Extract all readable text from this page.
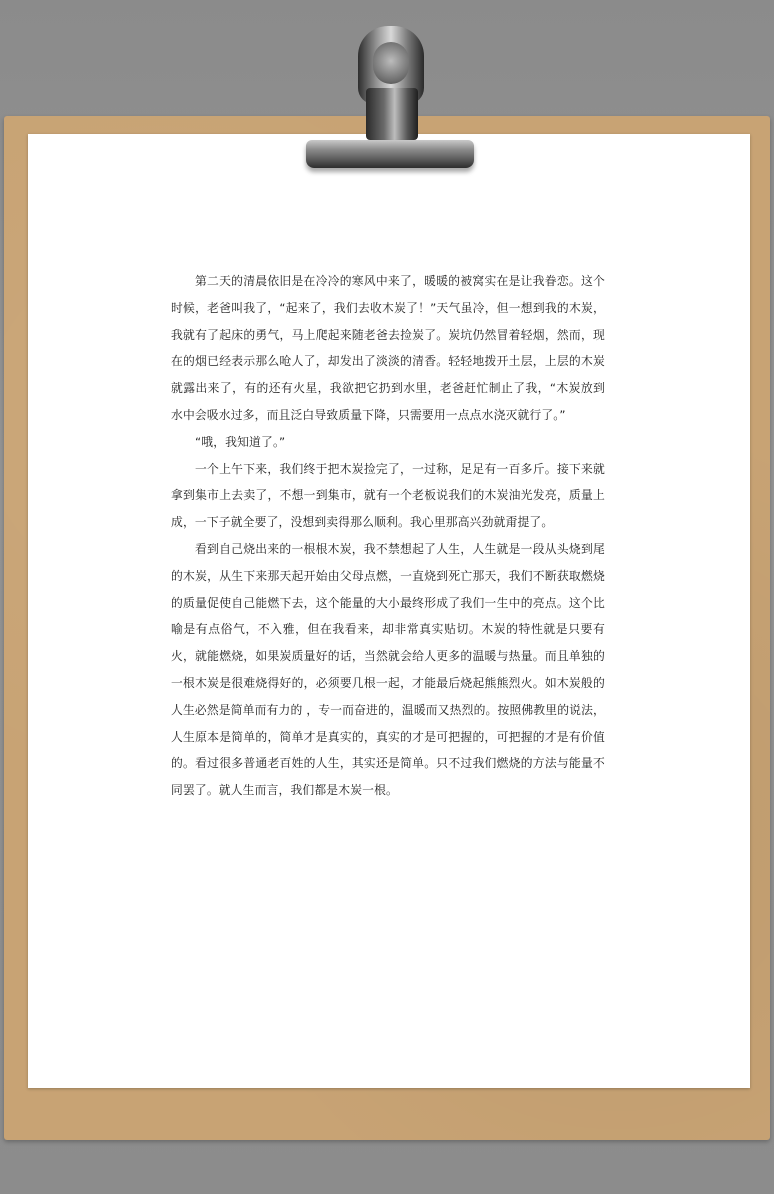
第二天的清晨依旧是在冷冷的寒风中来了，暖暖的被窝实在是让我眷恋。这个时候，老爸叫我了，“起来了，我们去收木炭了！”天气虽冷，但一想到我的木炭，我就有了起床的勇气，马上爬起来随老爸去捡炭了。炭坑仍然冒着轻烟，然而，现在的烟已经表示那么呛人了，却发出了淡淡的清香。轻轻地拨开土层，上层的木炭就露出来了，有的还有火星，我欲把它扔到水里，老爸赶忙制止了我，“木炭放到水中会吸水过多，而且泛白导致质量下降，只需要用一点点水浇灭就行了。”

“哦，我知道了。”

一个上午下来，我们终于把木炭捡完了，一过称，足足有一百多斤。接下来就拿到集市上去卖了，不想一到集市，就有一个老板说我们的木炭油光发亮，质量上成，一下子就全要了，没想到卖得那么顺利。我心里那高兴劲就甭提了。

看到自己烧出来的一根根木炭，我不禁想起了人生，人生就是一段从头烧到尾的木炭，从生下来那天起开始由父母点燃，一直烧到死亡那天，我们不断获取燃烧的质量促使自己能燃下去，这个能量的大小最终形成了我们一生中的亮点。这个比喻是有点俗气，不入雅，但在我看来，却非常真实贴切。木炭的特性就是只要有火，就能燃烧，如果炭质量好的话，当然就会给人更多的温暖与热量。而且单独的一根木炭是很难烧得好的，必须要几根一起，才能最后烧起熊熊烈火。如木炭般的人生必然是简单而有力的 ，专一而奋进的，温暖而又热烈的。按照佛教里的说法，人生原本是简单的，简单才是真实的，真实的才是可把握的，可把握的才是有价值的。看过很多普通老百姓的人生，其实还是简单。只不过我们燃烧的方法与能量不同罢了。就人生而言，我们都是木炭一根。
